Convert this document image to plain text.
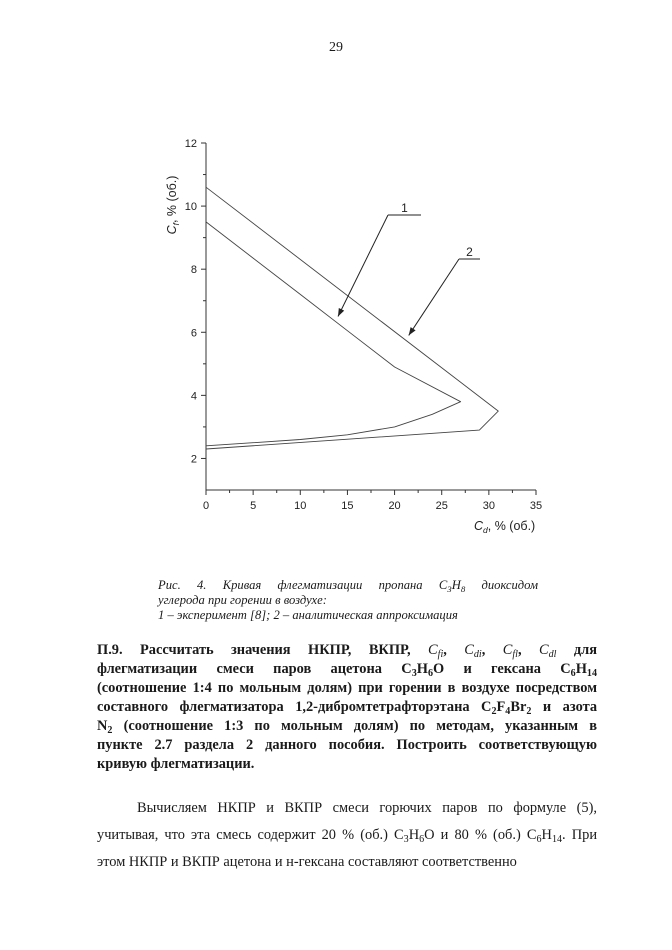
29
0	5	10	15	20	25	30	35
2
4
6
8
10
12
1
2
$C_f$, % (об.)
$C_d$, % (об.)
Рис. 4. Кривая флегматизации пропана $С_3Н_8$ диоксидом
углерода при горении в воздухе:
1 – эксперимент [8]; 2 – аналитическая аппроксимация
П.9. Рассчитать значения НКПР, ВКПР, $C_{fi}$, $C_{di}$, $C_{fl}$, $C_{dl}$ для
флегматизации смеси паров ацетона $С_3Н_6О$ и гексана $С_6Н_{14}$
(соотношение 1:4 по мольным долям) при горении в воздухе посредством
составного флегматизатора 1,2-дибромтетрафторэтана $С_2F_4Br_2$ и азота
$N_2$ (соотношение 1:3 по мольным долям) по методам, указанным в
пункте 2.7 раздела 2 данного пособия. Построить соответствующую
кривую флегматизации.
Вычисляем НКПР и ВКПР смеси горючих паров по формуле (5),
учитывая, что эта смесь содержит 20 % (об.) $С_3Н_6О$ и 80 % (об.) $С_6Н_{14}$. При
этом НКПР и ВКПР ацетона и н-гексана составляют соответственно
